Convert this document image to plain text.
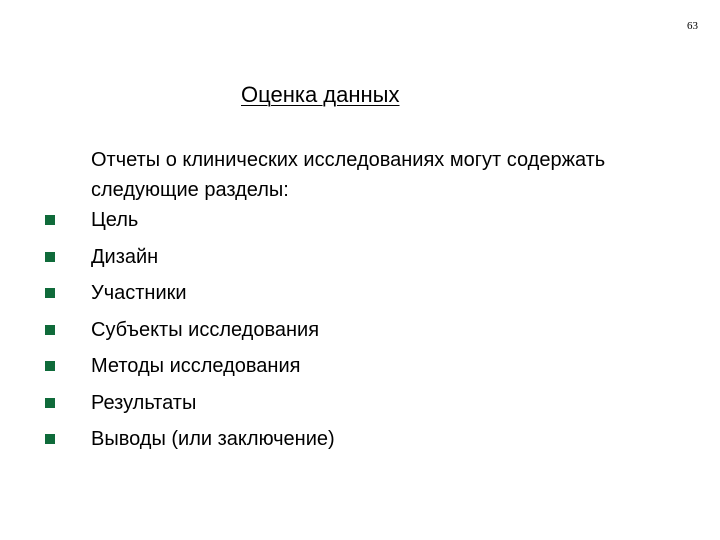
63
Оценка данных
Отчеты о клинических исследованиях могут содержать следующие разделы:
Цель
Дизайн
Участники
Субъекты исследования
Методы исследования
Результаты
Выводы (или заключение)
